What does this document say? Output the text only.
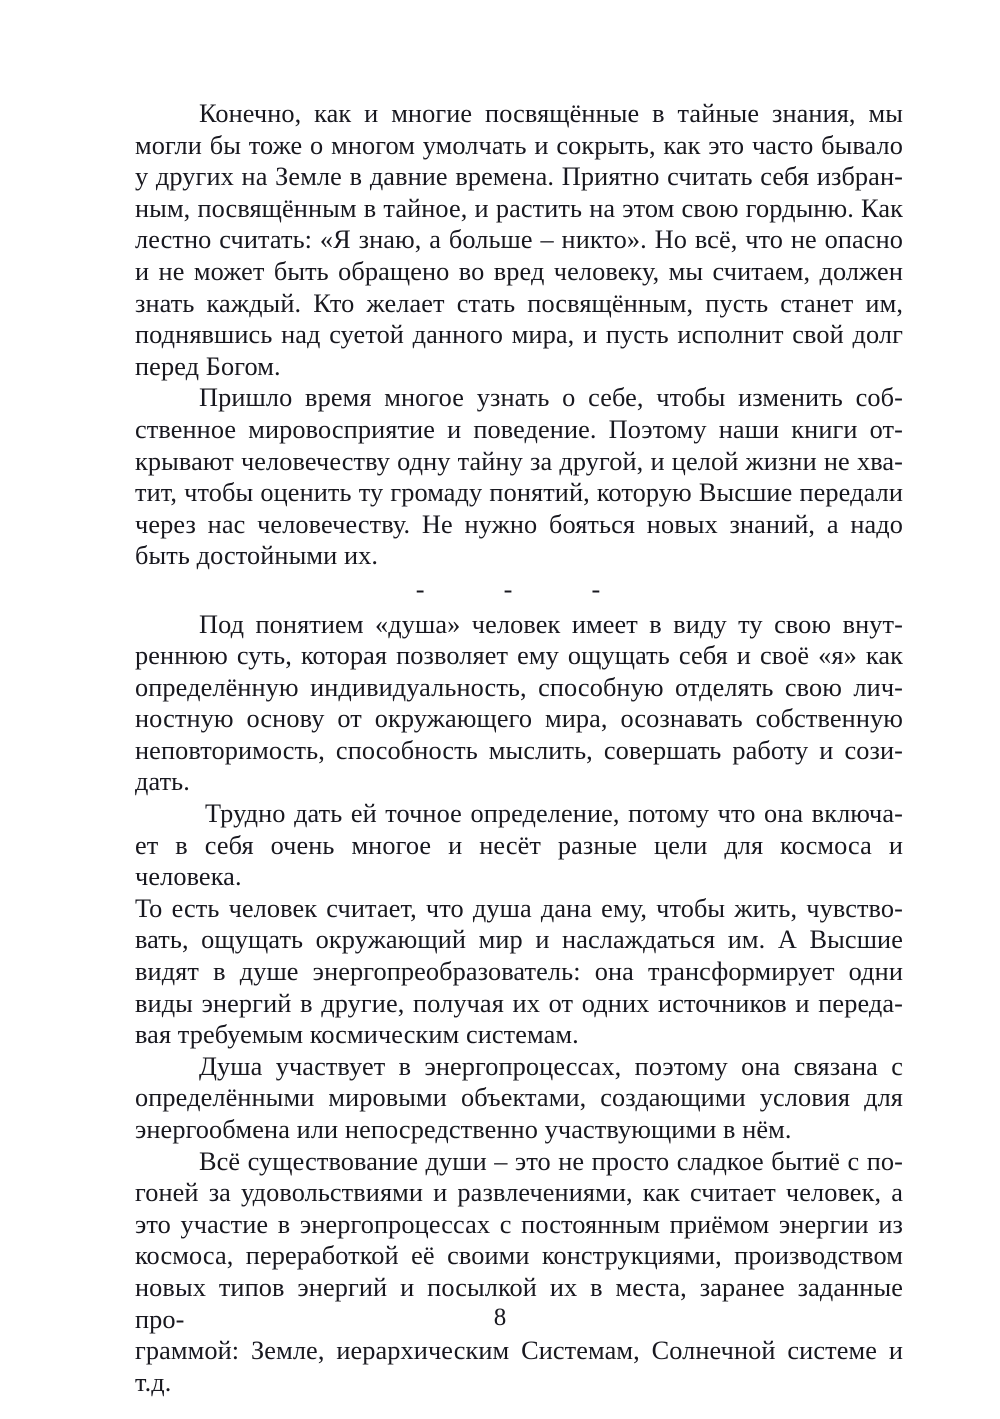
Конечно, как и многие посвящённые в тайные знания, мы
могли бы тоже о многом умолчать и сокрыть, как это часто бывало
у других на Земле в давние времена. Приятно считать себя избран-
ным, посвящённым в тайное, и растить на этом свою гордыню. Как
лестно считать: «Я знаю, а больше – никто». Но всё, что не опасно
и не может быть обращено во вред человеку, мы считаем, должен
знать каждый. Кто желает стать посвящённым, пусть станет им,
поднявшись над суетой данного мира, и пусть исполнит свой долг
перед Богом.
Пришло время многое узнать о себе, чтобы изменить соб-
ственное мировосприятие и поведение. Поэтому наши книги от-
крывают человечеству одну тайну за другой, и целой жизни не хва-
тит, чтобы оценить ту громаду понятий, которую Высшие передали
через нас человечеству. Не нужно бояться новых знаний, а надо
быть достойными их.
-  -  -
Под понятием «душа» человек имеет в виду ту свою внут-
реннюю суть, которая позволяет ему ощущать себя и своё «я» как
определённую индивидуальность, способную отделять свою лич-
ностную основу от окружающего мира, осознавать собственную
неповторимость, способность мыслить, совершать работу и сози-
дать.
Трудно дать ей точное определение, потому что она включа-
ет в себя очень многое и несёт разные цели для космоса и человека.
То есть человек считает, что душа дана ему, чтобы жить, чувство-
вать, ощущать окружающий мир и наслаждаться им. А Высшие
видят в душе энергопреобразователь: она трансформирует одни
виды энергий в другие, получая их от одних источников и переда-
вая требуемым космическим системам.
Душа участвует в энергопроцессах, поэтому она связана с
определёнными мировыми объектами, создающими условия для
энергообмена или непосредственно участвующими в нём.
Всё существование души – это не просто сладкое бытиё с по-
гоней за удовольствиями и развлечениями, как считает человек, а
это участие в энергопроцессах с постоянным приёмом энергии из
космоса, переработкой её своими конструкциями, производством
новых типов энергий и посылкой их в места, заранее заданные про-
граммой: Земле, иерархическим Системам, Солнечной системе и
т.д.
8
